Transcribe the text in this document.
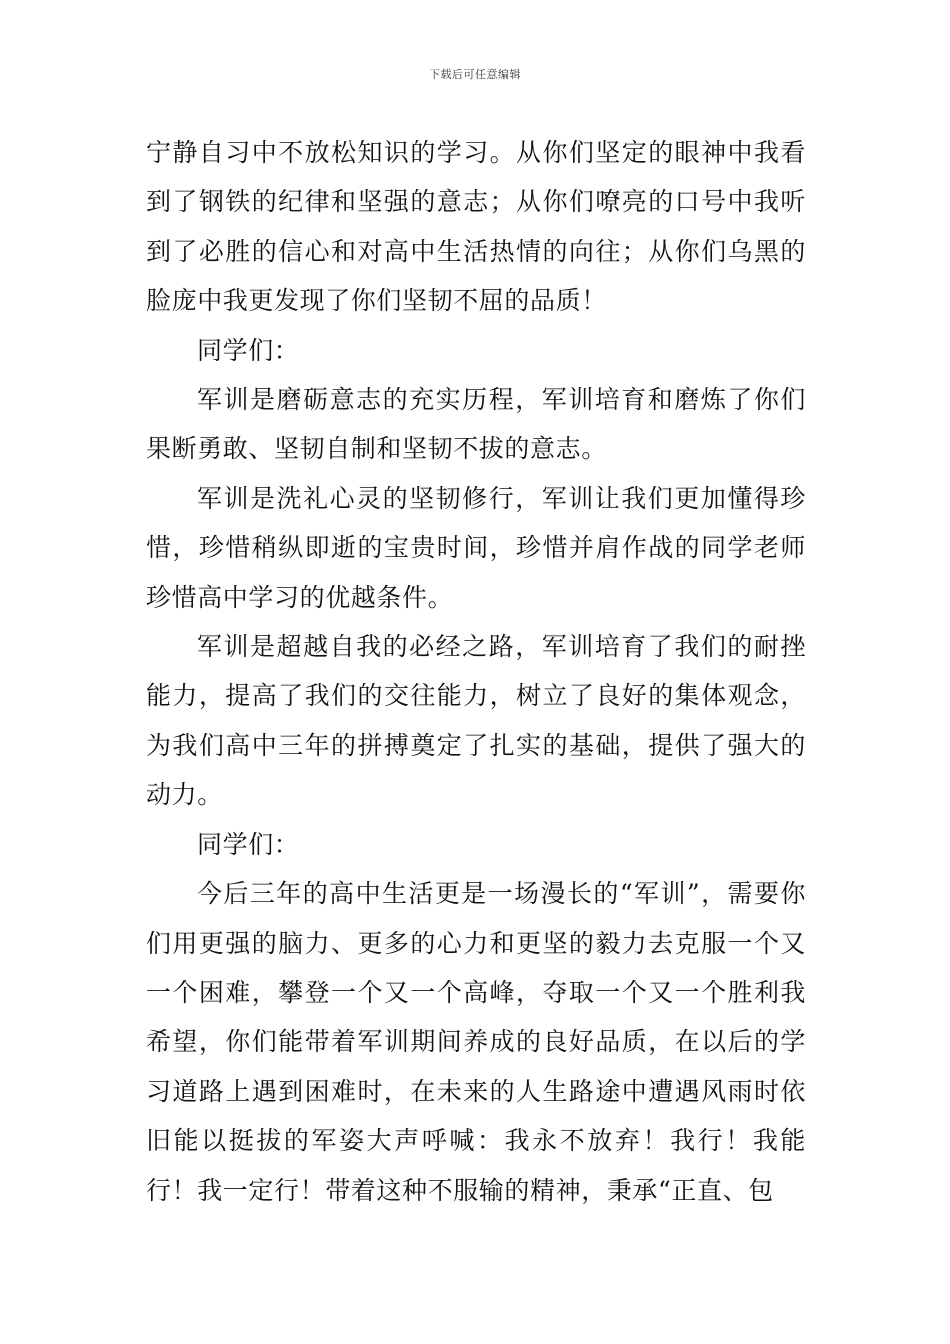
下载后可任意编辑

宁静自习中不放松知识的学习。从你们坚定的眼神中我看到了钢铁的纪律和坚强的意志；从你们嘹亮的口号中我听到了必胜的信心和对高中生活热情的向往；从你们乌黑的脸庞中我更发现了你们坚韧不屈的品质！

同学们：

军训是磨砺意志的充实历程，军训培育和磨炼了你们果断勇敢、坚韧自制和坚韧不拔的意志。

军训是洗礼心灵的坚韧修行，军训让我们更加懂得珍惜，珍惜稍纵即逝的宝贵时间，珍惜并肩作战的同学老师珍惜高中学习的优越条件。

军训是超越自我的必经之路，军训培育了我们的耐挫能力，提高了我们的交往能力，树立了良好的集体观念，为我们高中三年的拼搏奠定了扎实的基础，提供了强大的动力。

同学们：

今后三年的高中生活更是一场漫长的“军训”，需要你们用更强的脑力、更多的心力和更坚的毅力去克服一个又一个困难，攀登一个又一个高峰，夺取一个又一个胜利我希望，你们能带着军训期间养成的良好品质，在以后的学习道路上遇到困难时，在未来的人生路途中遭遇风雨时依旧能以挺拔的军姿大声呼喊：我永不放弃！我行！我能行！我一定行！带着这种不服输的精神，秉承“正直、包
